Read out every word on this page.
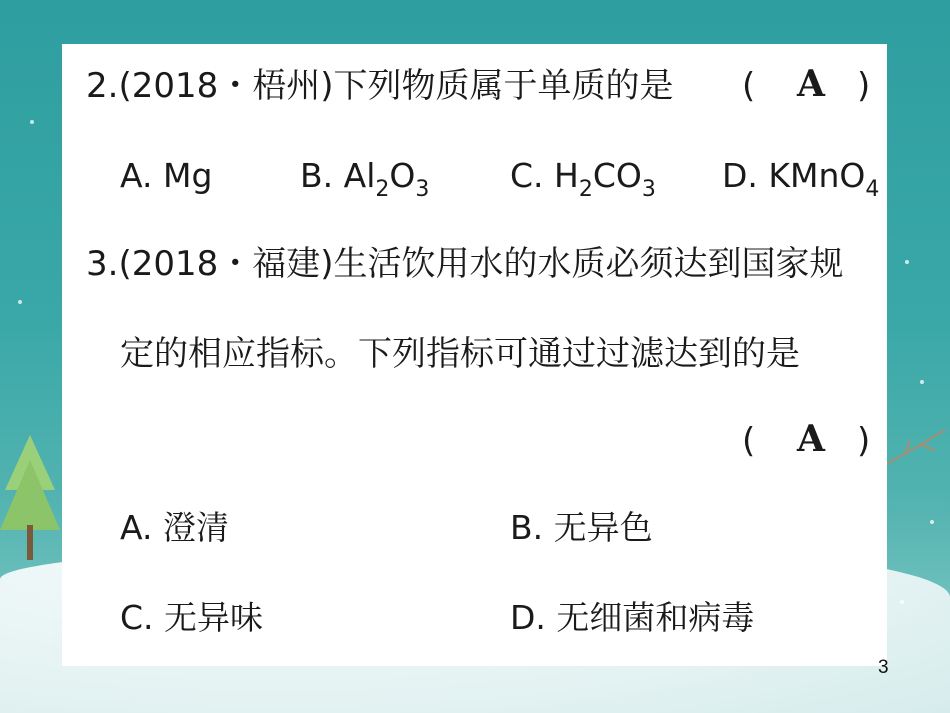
2.(2018・梧州)下列物质属于单质的是 ( A )
A. Mg	B. $Al_2O_3$ C. $H_2CO_3$ D. KMnO$_4$
3.(2018・福建)生活饮用水的水质必须达到国家规
定的相应指标。下列指标可通过过滤达到的是
( A )
A. 澄清	B. 无异色
C. 无异味	D. 无细菌和病毒
3
